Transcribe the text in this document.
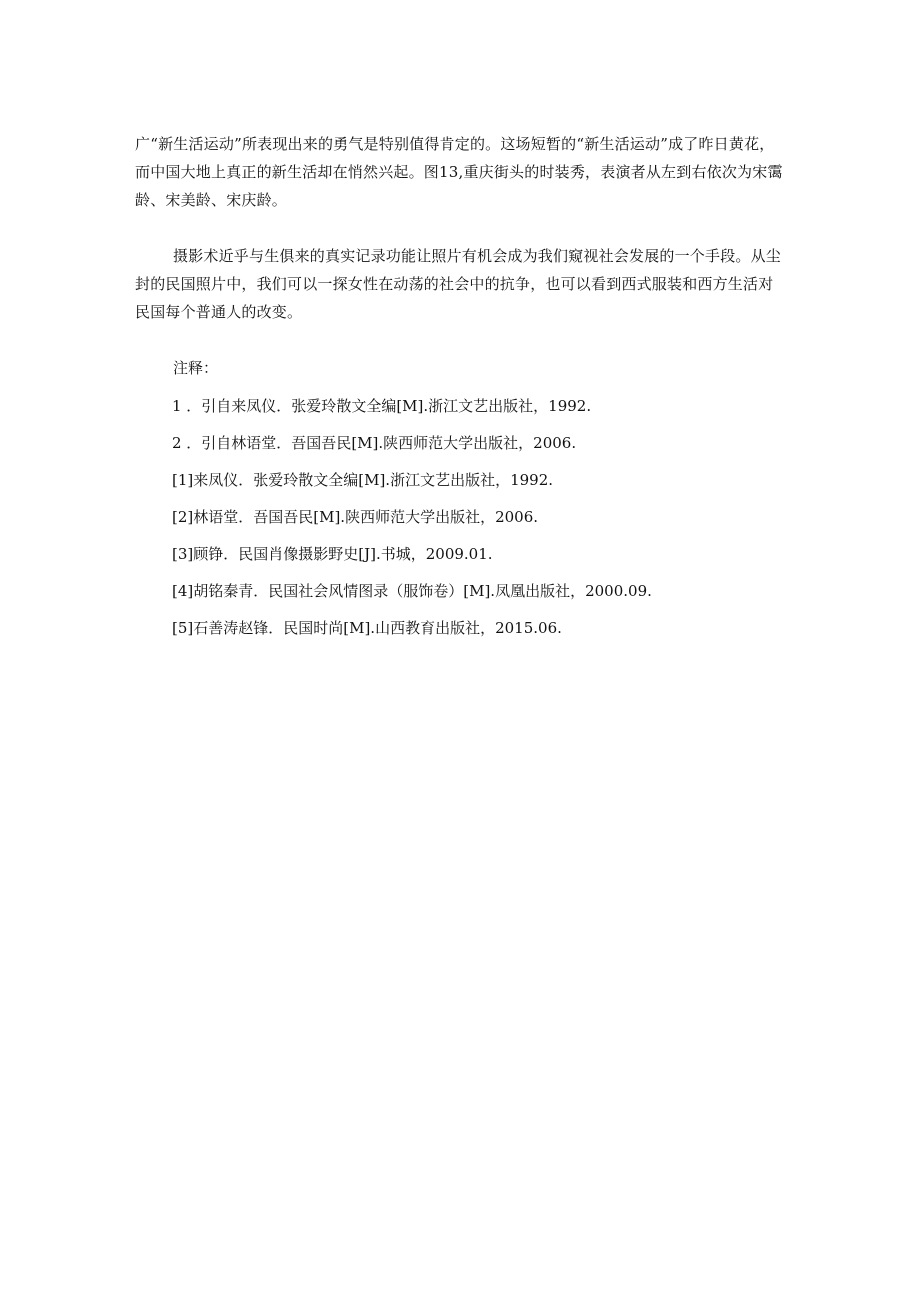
广“新生活运动”所表现出来的勇气是特别值得肯定的。这场短暂的“新生活运动”成了昨日黄花，而中国大地上真正的新生活却在悄然兴起。图13,重庆街头的时装秀，表演者从左到右依次为宋霭龄、宋美龄、宋庆龄。

摄影术近乎与生俱来的真实记录功能让照片有机会成为我们窥视社会发展的一个手段。从尘封的民国照片中，我们可以一探女性在动荡的社会中的抗争，也可以看到西式服装和西方生活对民国每个普通人的改变。

注释：

1 ．引自来凤仪．张爱玲散文全编[M].浙江文艺出版社，1992.
2 ．引自林语堂．吾国吾民[M].陕西师范大学出版社，2006.
[1]来凤仪．张爱玲散文全编[M].浙江文艺出版社，1992.
[2]林语堂．吾国吾民[M].陕西师范大学出版社，2006.
[3]顾铮．民国肖像摄影野史[J].书城，2009.01.
[4]胡铭秦青．民国社会风情图录（服饰卷）[M].凤凰出版社，2000.09.
[5]石善涛赵锋．民国时尚[M].山西教育出版社，2015.06.
